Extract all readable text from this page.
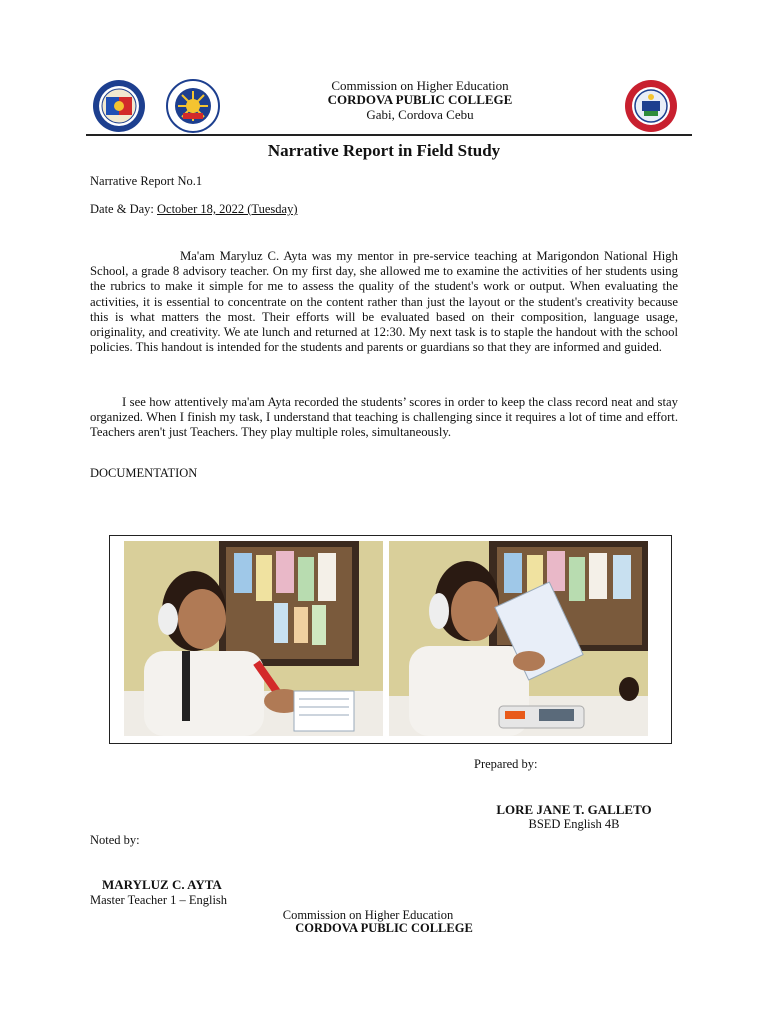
Commission on Higher Education
CORDOVA PUBLIC COLLEGE
Gabi, Cordova Cebu
Narrative Report in Field Study
Narrative Report No.1
Date & Day: October 18, 2022 (Tuesday)
Ma'am Maryluz C. Ayta was my mentor in pre-service teaching at Marigondon National High School, a grade 8 advisory teacher. On my first day, she allowed me to examine the activities of her students using the rubrics to make it simple for me to assess the quality of the student's work or output. When evaluating the activities, it is essential to concentrate on the content rather than just the layout or the student's creativity because this is what matters the most. Their efforts will be evaluated based on their composition, language usage, originality, and creativity. We ate lunch and returned at 12:30. My next task is to staple the handout with the school policies. This handout is intended for the students and parents or guardians so that they are informed and guided.
I see how attentively ma'am Ayta recorded the students’ scores in order to keep the class record neat and stay organized. When I finish my task, I understand that teaching is challenging since it requires a lot of time and effort. Teachers aren't just Teachers. They play multiple roles, simultaneously.
DOCUMENTATION
Prepared by:
LORE JANE T. GALLETO
BSED English 4B
Noted by:
MARYLUZ C. AYTA
Master Teacher 1 – English
Commission on Higher Education
CORDOVA PUBLIC COLLEGE
